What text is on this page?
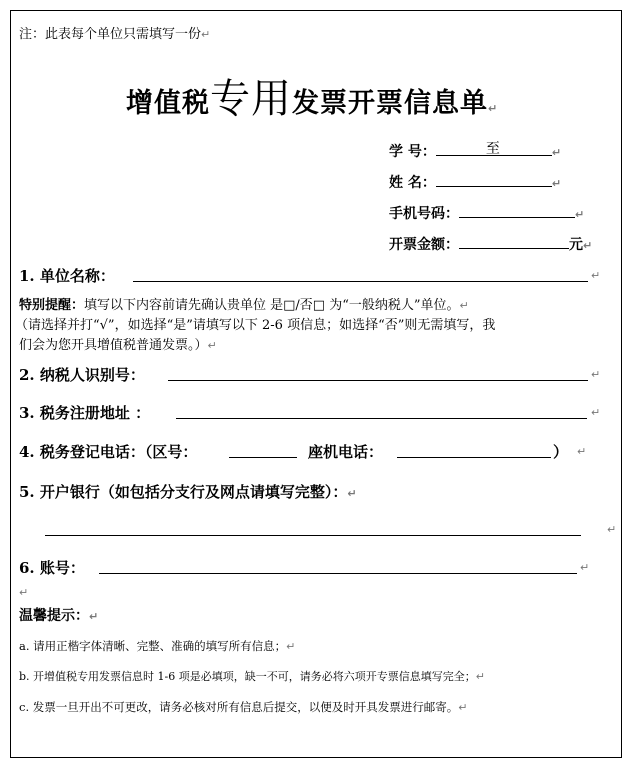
注：此表每个单位只需填写一份↵
增值税专用发票开票信息单↵
学 号：	至	↵
姓 名：	↵
手机号码：	↵
开票金额：	元↵
1. 单位名称：	↵
特别提醒：填写以下内容前请先确认贵单位 是□/否□ 为“一般纳税人”单位。↵
（请选择并打“√”，如选择“是”请填写以下 2-6 项信息；如选择“否”则无需填写，我
们会为您开具增值税普通发票。）↵
2. 纳税人识别号：	↵
3. 税务注册地址 ：	↵
4. 税务登记电话：（区号：	座机电话：	） ↵
5. 开户银行（如包括分支行及网点请填写完整）：↵
↵
6. 账号：	↵
↵
温馨提示：↵
a. 请用正楷字体清晰、完整、准确的填写所有信息；↵
b. 开增值税专用发票信息时 1-6 项是必填项，缺一不可，请务必将六项开专票信息填写完全；↵
c. 发票一旦开出不可更改，请务必核对所有信息后提交，以便及时开具发票进行邮寄。↵
